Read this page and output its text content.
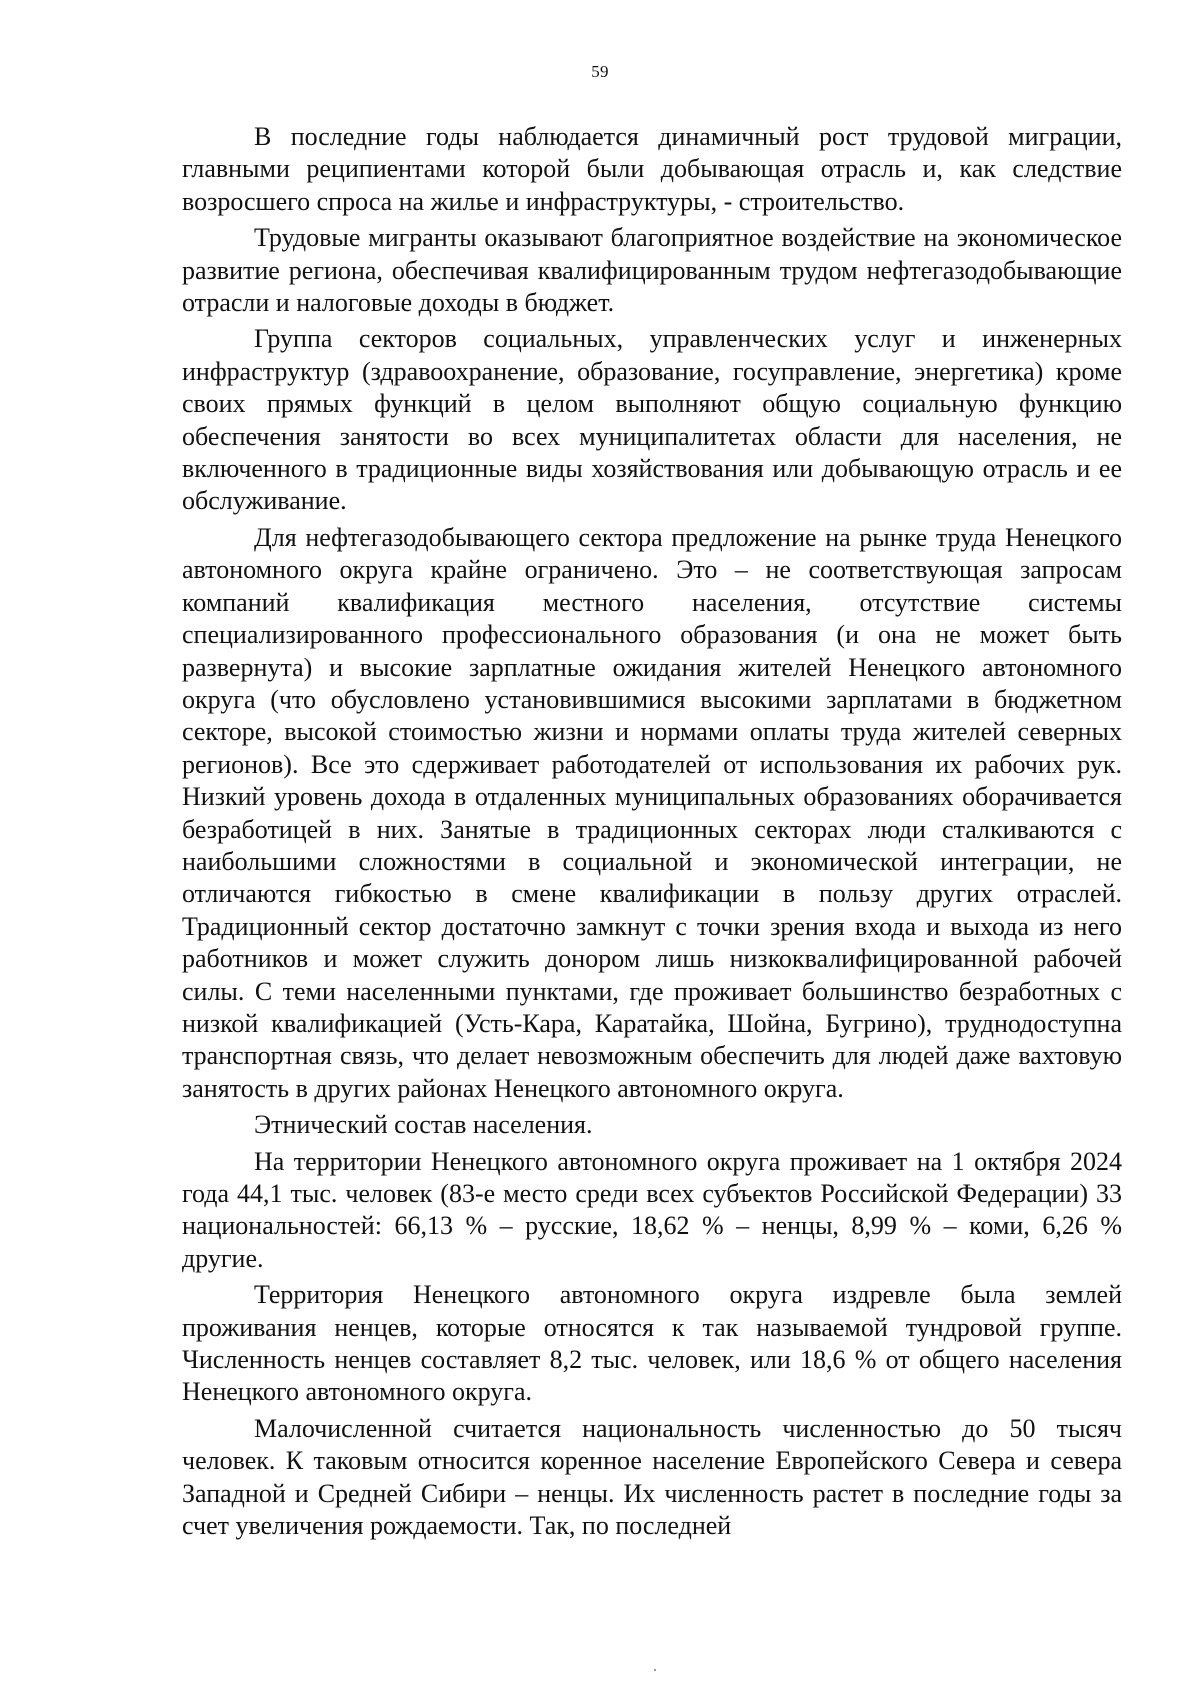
59

В последние годы наблюдается динамичный рост трудовой миграции, главными реципиентами которой были добывающая отрасль и, как следствие возросшего спроса на жилье и инфраструктуры, - строительство.

Трудовые мигранты оказывают благоприятное воздействие на экономическое развитие региона, обеспечивая квалифицированным трудом нефтегазодобывающие отрасли и налоговые доходы в бюджет.

Группа секторов социальных, управленческих услуг и инженерных инфраструктур (здравоохранение, образование, госуправление, энергетика) кроме своих прямых функций в целом выполняют общую социальную функцию обеспечения занятости во всех муниципалитетах области для населения, не включенного в традиционные виды хозяйствования или добывающую отрасль и ее обслуживание.

Для нефтегазодобывающего сектора предложение на рынке труда Ненецкого автономного округа крайне ограничено. Это – не соответствующая запросам компаний квалификация местного населения, отсутствие системы специализированного профессионального образования (и она не может быть развернута) и высокие зарплатные ожидания жителей Ненецкого автономного округа (что обусловлено установившимися высокими зарплатами в бюджетном секторе, высокой стоимостью жизни и нормами оплаты труда жителей северных регионов). Все это сдерживает работодателей от использования их рабочих рук. Низкий уровень дохода в отдаленных муниципальных образованиях оборачивается безработицей в них. Занятые в традиционных секторах люди сталкиваются с наибольшими сложностями в социальной и экономической интеграции, не отличаются гибкостью в смене квалификации в пользу других отраслей. Традиционный сектор достаточно замкнут с точки зрения входа и выхода из него работников и может служить донором лишь низкоквалифицированной рабочей силы. С теми населенными пунктами, где проживает большинство безработных с низкой квалификацией (Усть-Кара, Каратайка, Шойна, Бугрино), труднодоступна транспортная связь, что делает невозможным обеспечить для людей даже вахтовую занятость в других районах Ненецкого автономного округа.

Этнический состав населения.

На территории Ненецкого автономного округа проживает на 1 октября 2024 года 44,1 тыс. человек (83-е место среди всех субъектов Российской Федерации) 33 национальностей: 66,13 % – русские, 18,62 % – ненцы, 8,99 % – коми, 6,26 % другие.

Территория Ненецкого автономного округа издревле была землей проживания ненцев, которые относятся к так называемой тундровой группе. Численность ненцев составляет 8,2 тыс. человек, или 18,6 % от общего населения Ненецкого автономного округа.

Малочисленной считается национальность численностью до 50 тысяч человек. К таковым относится коренное население Европейского Севера и севера Западной и Средней Сибири – ненцы. Их численность растет в последние годы за счет увеличения рождаемости. Так, по последней
